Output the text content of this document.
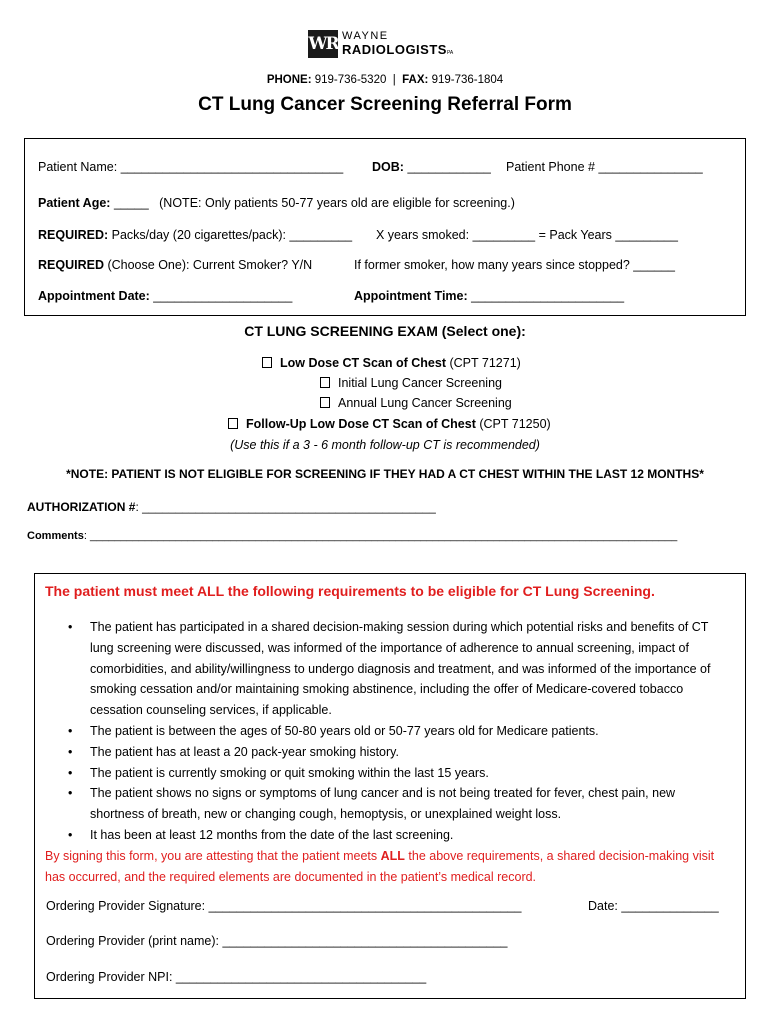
WR WAYNE
RADIOLOGISTSPA
PHONE: 919-736-5320 | FAX: 919-736-1804
CT Lung Cancer Screening Referral Form
Patient Name: ________________________________ DOB: ____________ Patient Phone # _______________
Patient Age: _____ (NOTE: Only patients 50-77 years old are eligible for screening.)
REQUIRED: Packs/day (20 cigarettes/pack): _________ X years smoked: _________ = Pack Years _________
REQUIRED (Choose One): Current Smoker? Y/N	If former smoker, how many years since stopped? ______
Appointment Date: ____________________	Appointment Time: ______________________
CT LUNG SCREENING EXAM (Select one):
Low Dose CT Scan of Chest (CPT 71271)
Initial Lung Cancer Screening
Annual Lung Cancer Screening
Follow-Up Low Dose CT Scan of Chest (CPT 71250)
(Use this if a 3 - 6 month follow-up CT is recommended)
*NOTE: PATIENT IS NOT ELIGIBLE FOR SCREENING IF THEY HAD A CT CHEST WITHIN THE LAST 12 MONTHS*
AUTHORIZATION #: ____________________________________________
Comments: ________________________________________________________________________________________________
The patient must meet ALL the following requirements to be eligible for CT Lung Screening.
• The patient has participated in a shared decision-making session during which potential risks and benefits of CT lung screening were discussed, was informed of the importance of adherence to annual screening, impact of comorbidities, and ability/willingness to undergo diagnosis and treatment, and was informed of the importance of smoking cessation and/or maintaining smoking abstinence, including the offer of Medicare-covered tobacco cessation counseling services, if applicable.
• The patient is between the ages of 50-80 years old or 50-77 years old for Medicare patients.
• The patient has at least a 20 pack-year smoking history.
• The patient is currently smoking or quit smoking within the last 15 years.
• The patient shows no signs or symptoms of lung cancer and is not being treated for fever, chest pain, new shortness of breath, new or changing cough, hemoptysis, or unexplained weight loss.
• It has been at least 12 months from the date of the last screening.
By signing this form, you are attesting that the patient meets ALL the above requirements, a shared decision-making visit has occurred, and the required elements are documented in the patient’s medical record.
Ordering Provider Signature: _____________________________________________	Date: ______________
Ordering Provider (print name): _________________________________________
Ordering Provider NPI: ____________________________________
